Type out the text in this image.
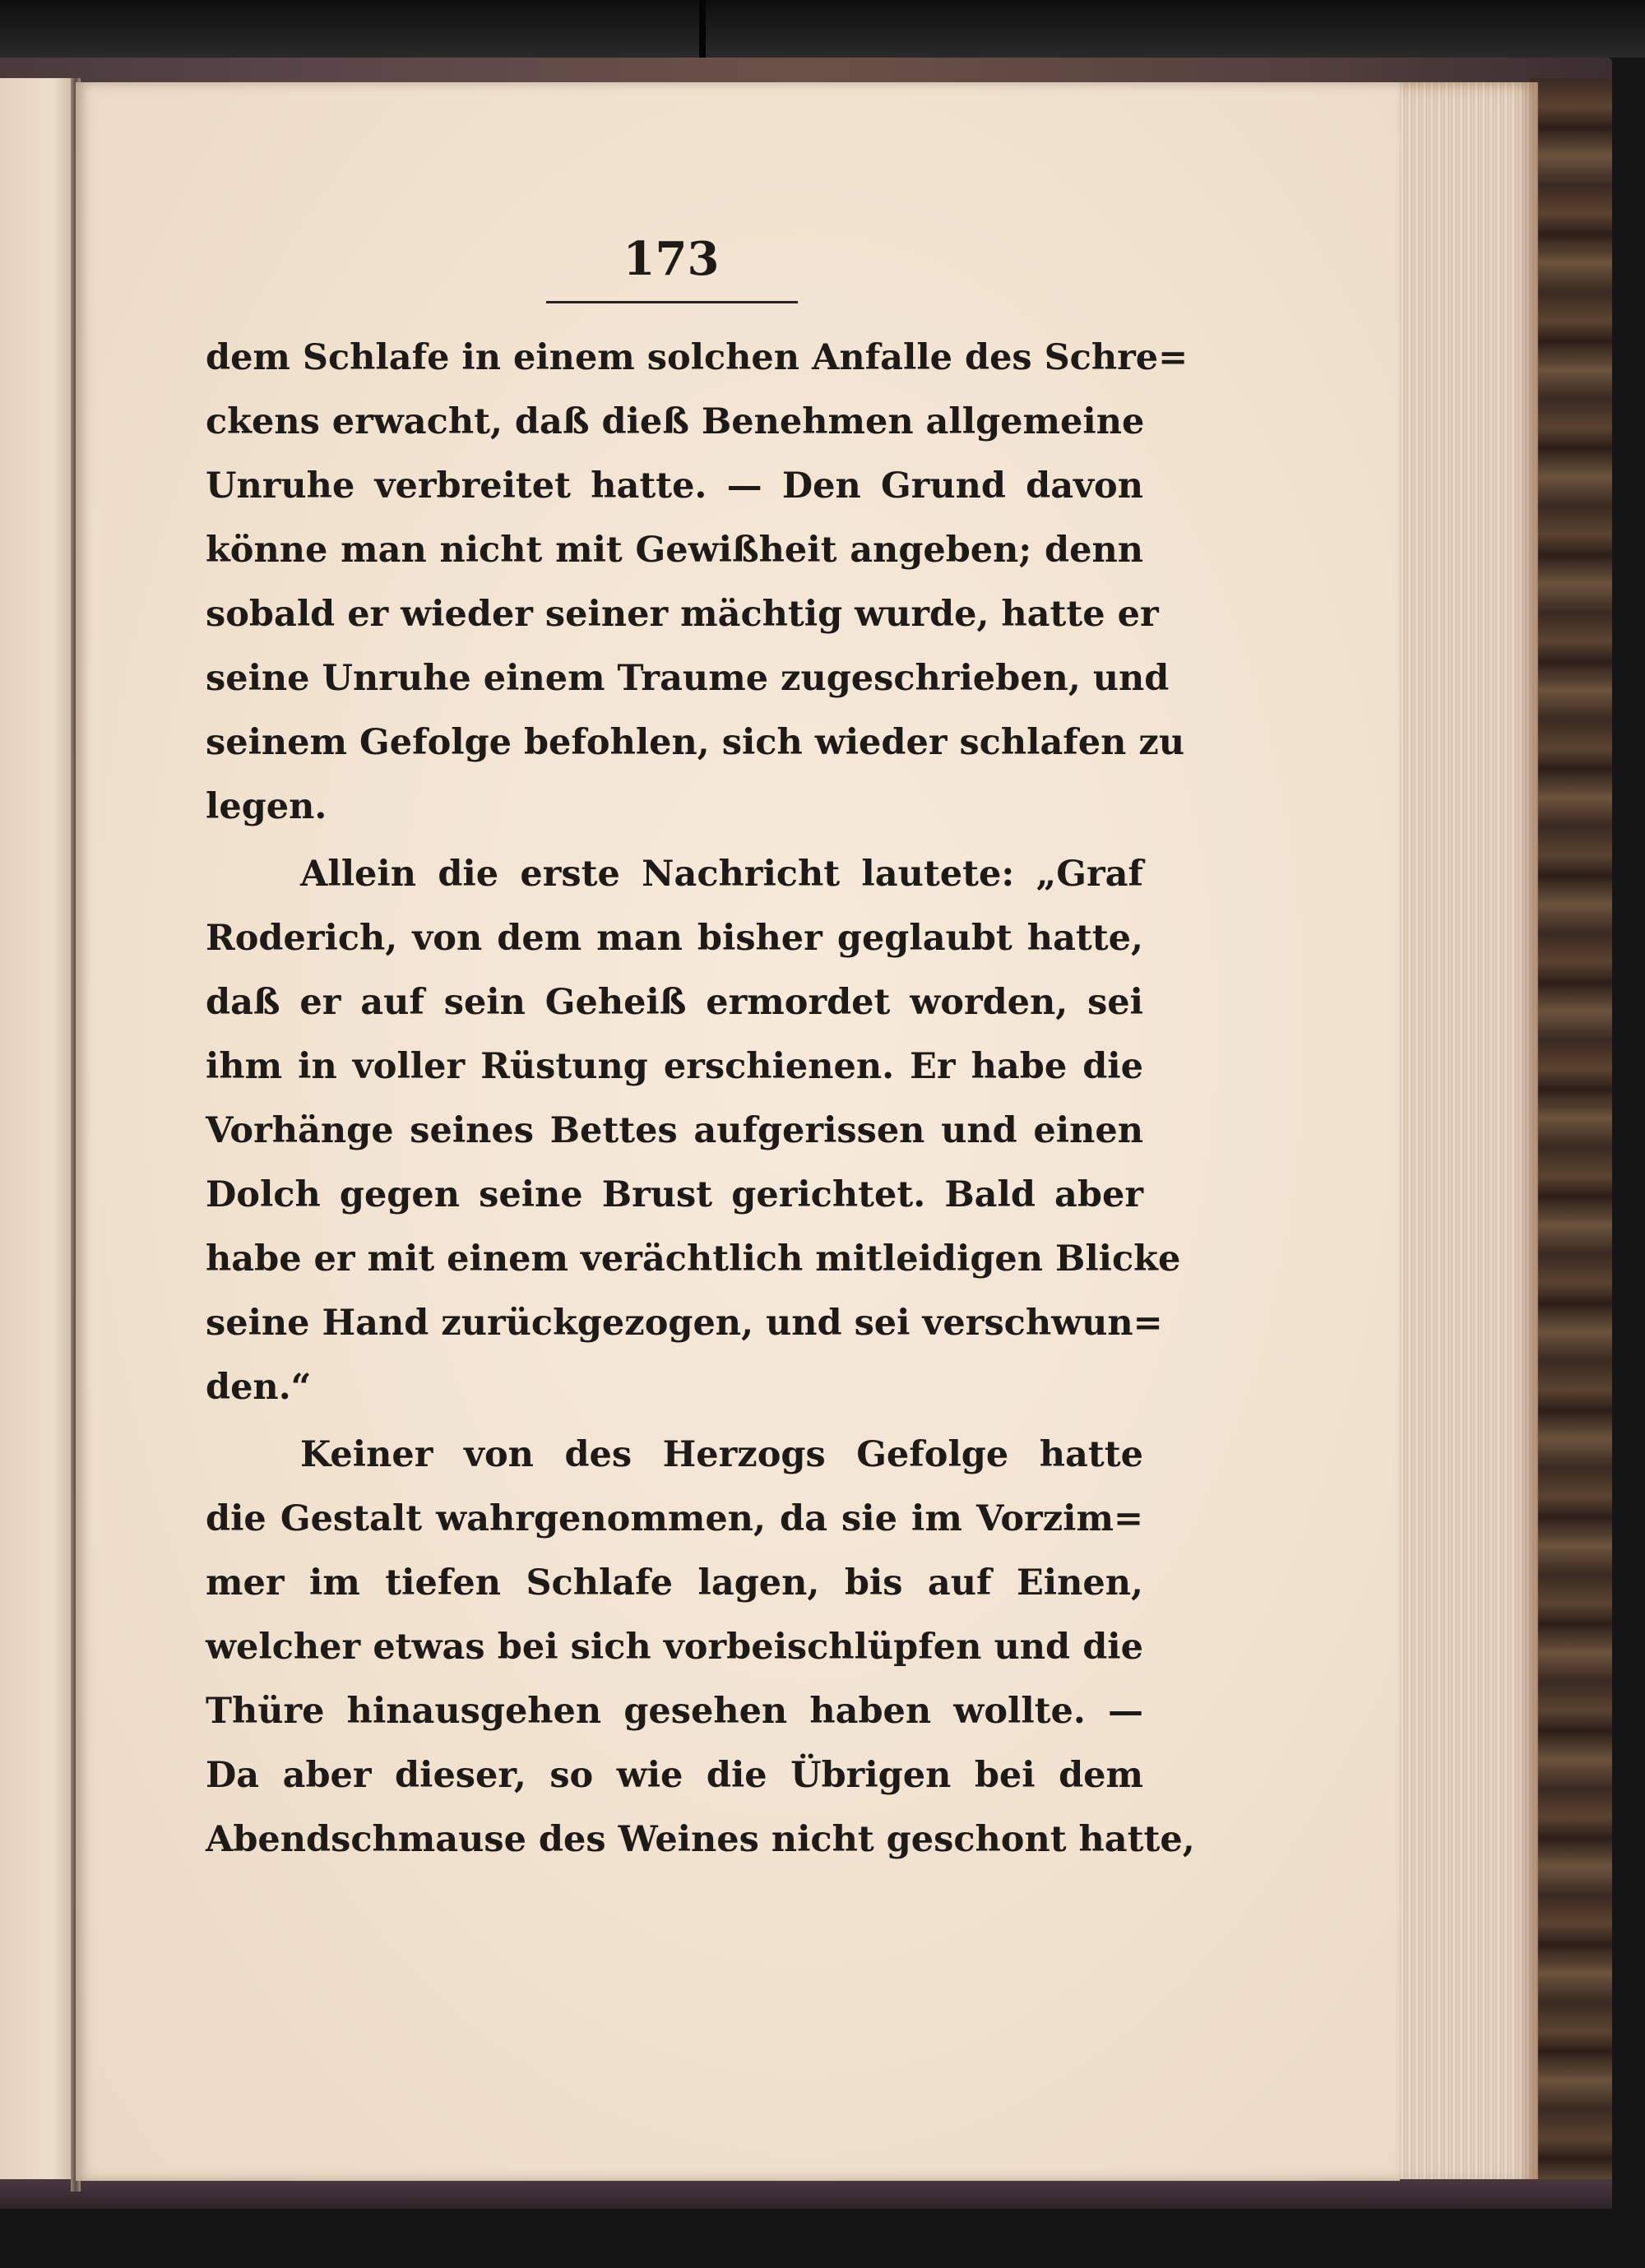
173
dem Schlafe in einem solchen Anfalle des Schre=
ckens erwacht, daß dieß Benehmen allgemeine
Unruhe verbreitet hatte. — Den Grund davon
könne man nicht mit Gewißheit angeben; denn
sobald er wieder seiner mächtig wurde, hatte er
seine Unruhe einem Traume zugeschrieben, und
seinem Gefolge befohlen, sich wieder schlafen zu
legen.
Allein die erste Nachricht lautete: „Graf
Roderich, von dem man bisher geglaubt hatte,
daß er auf sein Geheiß ermordet worden, sei
ihm in voller Rüstung erschienen. Er habe die
Vorhänge seines Bettes aufgerissen und einen
Dolch gegen seine Brust gerichtet. Bald aber
habe er mit einem verächtlich mitleidigen Blicke
seine Hand zurückgezogen, und sei verschwun=
den.“
Keiner von des Herzogs Gefolge hatte
die Gestalt wahrgenommen, da sie im Vorzim=
mer im tiefen Schlafe lagen, bis auf Einen,
welcher etwas bei sich vorbeischlüpfen und die
Thüre hinausgehen gesehen haben wollte. —
Da aber dieser, so wie die Übrigen bei dem
Abendschmause des Weines nicht geschont hatte,
